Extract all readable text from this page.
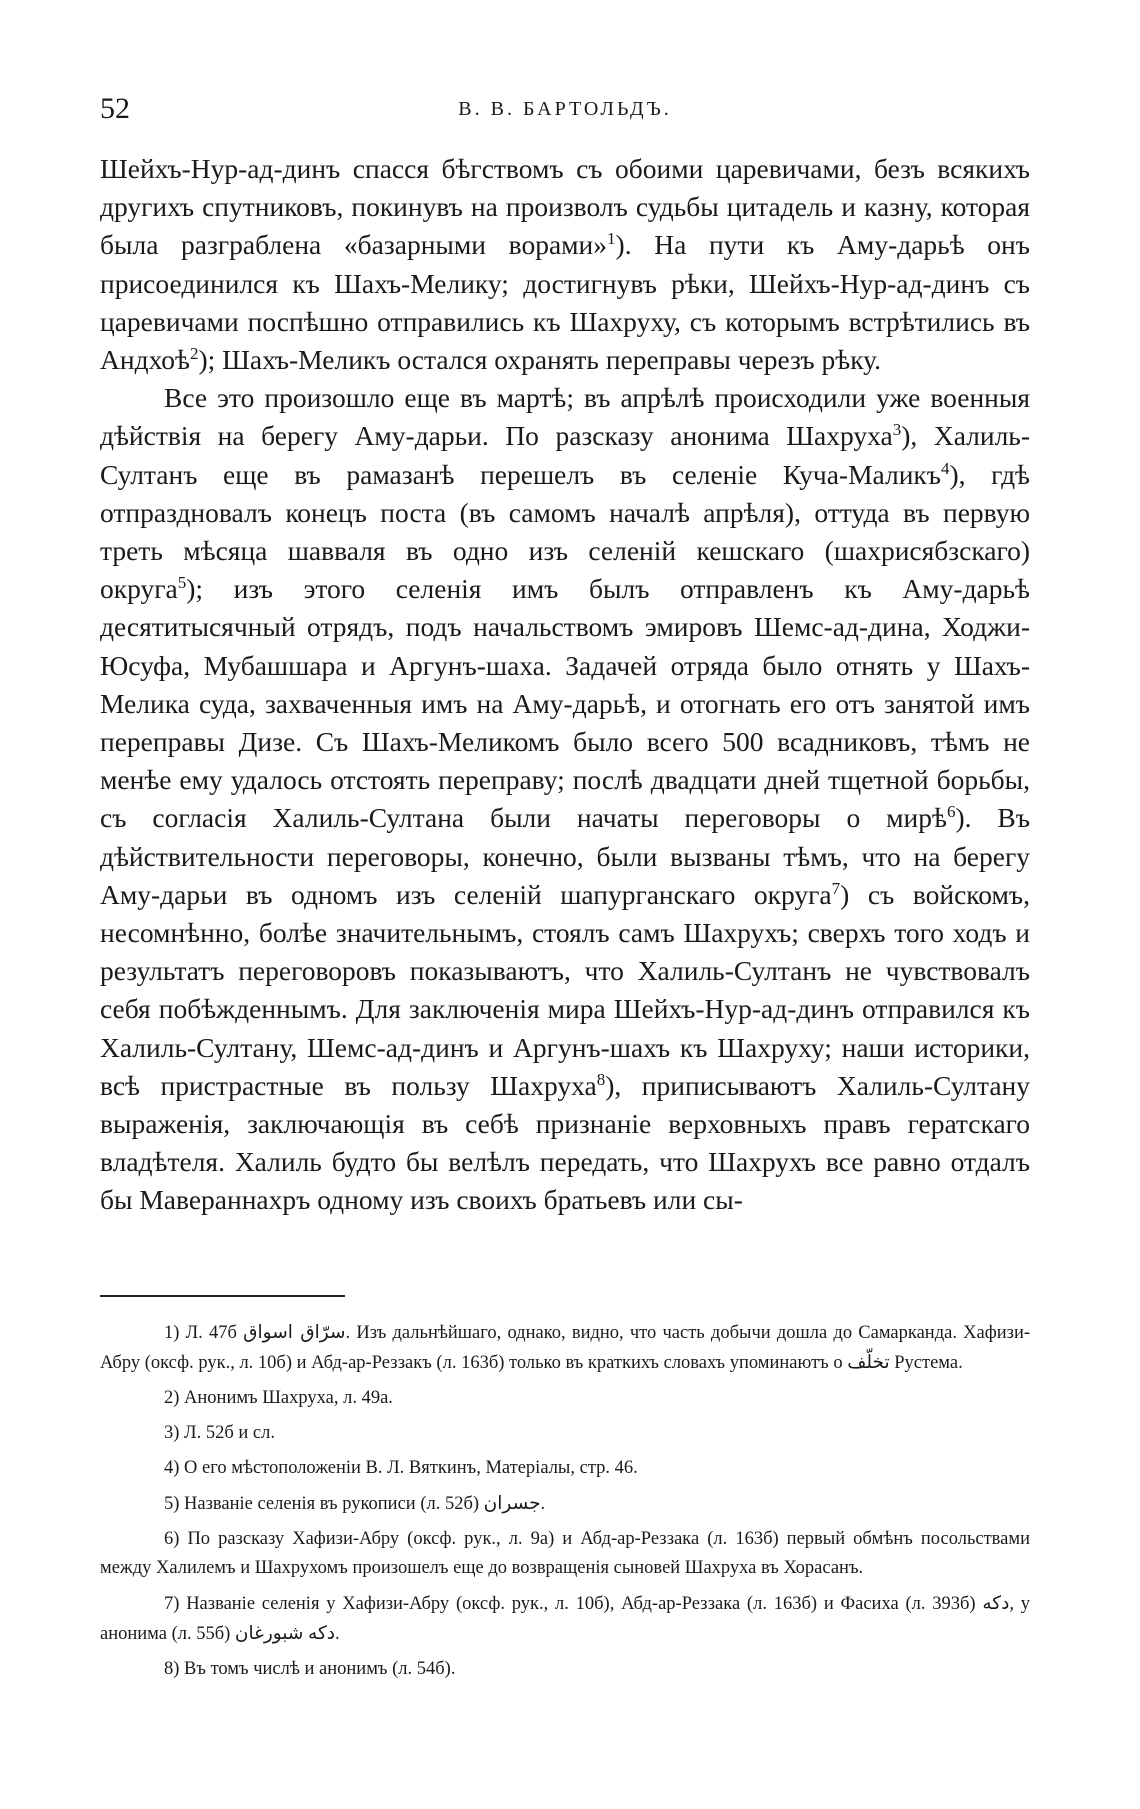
52	В. В. БАРТОЛЬДЪ.

Шейхъ-Нур-ад-динъ спасся бѣгствомъ съ обоими царевичами, безъ всякихъ другихъ спутниковъ, покинувъ на произволъ судьбы цитадель и казну, которая была разграблена «базарными ворами»$^1$). На пути къ Аму-дарьѣ онъ присоединился къ Шахъ-Мелику; достигнувъ рѣки, Шейхъ-Нур-ад-динъ съ царевичами поспѣшно отправились къ Шахруху, съ которымъ встрѣтились въ Андхоѣ$^2$); Шахъ-Меликъ остался охранять переправы черезъ рѣку.

Все это произошло еще въ мартѣ; въ апрѣлѣ происходили уже военныя дѣйствія на берегу Аму-дарьи. По разсказу анонима Шахруха$^3$), Халиль-Султанъ еще въ рамазанѣ перешелъ въ селеніе Куча-Маликъ$^4$), гдѣ отпраздновалъ конецъ поста (въ самомъ началѣ апрѣля), оттуда въ первую треть мѣсяца шавваля въ одно изъ селеній кешскаго (шахрисябзскаго) округа$^5$); изъ этого селенія имъ былъ отправленъ къ Аму-дарьѣ десятитысячный отрядъ, подъ начальствомъ эмировъ Шемс-ад-дина, Ходжи-Юсуфа, Мубашшара и Аргунъ-шаха. Задачей отряда было отнять у Шахъ-Мелика суда, захваченныя имъ на Аму-дарьѣ, и отогнать его отъ занятой имъ переправы Дизе. Съ Шахъ-Меликомъ было всего 500 всадниковъ, тѣмъ не менѣе ему удалось отстоять переправу; послѣ двадцати дней тщетной борьбы, съ согласія Халиль-Султана были начаты переговоры о мирѣ$^6$). Въ дѣйствительности переговоры, конечно, были вызваны тѣмъ, что на берегу Аму-дарьи въ одномъ изъ селеній шапурганскаго округа$^7$) съ войскомъ, несомнѣнно, болѣе значительнымъ, стоялъ самъ Шахрухъ; сверхъ того ходъ и результатъ переговоровъ показываютъ, что Халиль-Султанъ не чувствовалъ себя побѣжденнымъ. Для заключенія мира Шейхъ-Нур-ад-динъ отправился къ Халиль-Султану, Шемс-ад-динъ и Аргунъ-шахъ къ Шахруху; наши историки, всѣ пристрастные въ пользу Шахруха$^8$), приписываютъ Халиль-Султану выраженія, заключающія въ себѣ признаніе верховныхъ правъ гератскаго владѣтеля. Халиль будто бы велѣлъ передать, что Шахрухъ все равно отдалъ бы Мавераннахръ одному изъ своихъ братьевъ или сы-

1) Л. 47б سرّاق اسواق. Изъ дальнѣйшаго, однако, видно, что часть добычи дошла до Самарканда. Хафизи-Абру (оксф. рук., л. 10б) и Абд-ар-Реззакъ (л. 163б) только въ краткихъ словахъ упоминаютъ о تخلّف Рустема.

2) Анонимъ Шахруха, л. 49а.

3) Л. 52б и сл.

4) О его мѣстоположеніи В. Л. Вяткинъ, Матеріалы, стр. 46.

5) Названіе селенія въ рукописи (л. 52б) جسران.

6) По разсказу Хафизи-Абру (оксф. рук., л. 9а) и Абд-ар-Реззака (л. 163б) первый обмѣнъ посольствами между Халилемъ и Шахрухомъ произошелъ еще до возвращенія сыновей Шахруха въ Хорасанъ.

7) Названіе селенія у Хафизи-Абру (оксф. рук., л. 10б), Абд-ар-Реззака (л. 163б) и Фасиха (л. 393б) دکه, у анонима (л. 55б) شبورغان دکه.

8) Въ томъ числѣ и анонимъ (л. 54б).
